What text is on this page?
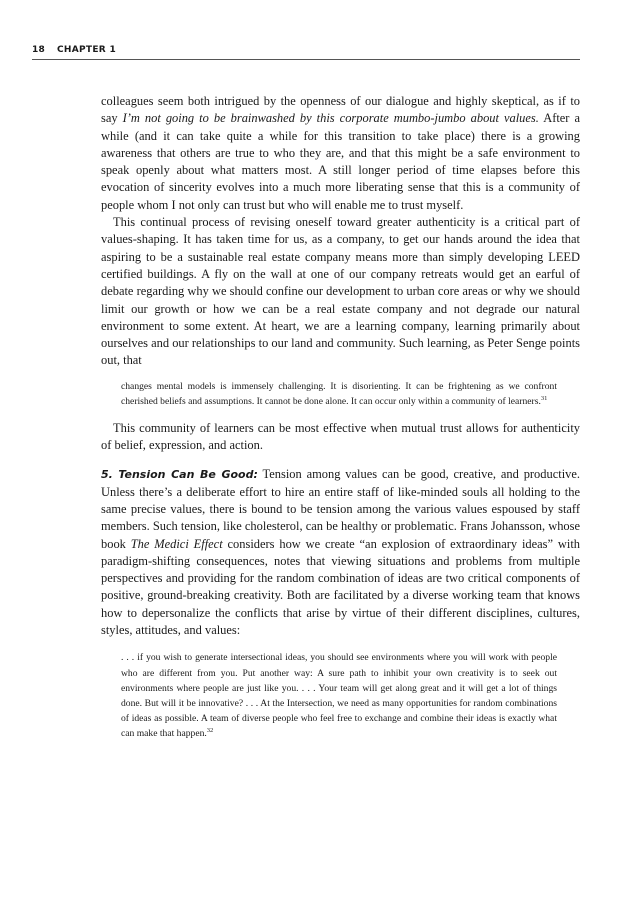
18 CHAPTER 1

colleagues seem both intrigued by the openness of our dialogue and highly skeptical, as if to say I’m not going to be brainwashed by this corporate mumbo-jumbo about values. After a while (and it can take quite a while for this transition to take place) there is a growing awareness that others are true to who they are, and that this might be a safe environment to speak openly about what matters most. A still longer period of time elapses before this evocation of sincerity evolves into a much more liberating sense that this is a community of people whom I not only can trust but who will enable me to trust myself.

This continual process of revising oneself toward greater authenticity is a critical part of values-shaping. It has taken time for us, as a company, to get our hands around the idea that aspiring to be a sustainable real estate company means more than simply developing LEED certified buildings. A fly on the wall at one of our company retreats would get an earful of debate regarding why we should confine our development to urban core areas or why we should limit our growth or how we can be a real estate company and not degrade our natural environment to some extent. At heart, we are a learning company, learning primarily about ourselves and our relationships to our land and community. Such learning, as Peter Senge points out, that

changes mental models is immensely challenging. It is disorienting. It can be frightening as we confront cherished beliefs and assumptions. It cannot be done alone. It can occur only within a community of learners.$^{31}$

This community of learners can be most effective when mutual trust allows for authenticity of belief, expression, and action.

5. Tension Can Be Good: Tension among values can be good, creative, and productive. Unless there’s a deliberate effort to hire an entire staff of like-minded souls all holding to the same precise values, there is bound to be tension among the various values espoused by staff members. Such tension, like cholesterol, can be healthy or problematic. Frans Johansson, whose book The Medici Effect considers how we create “an explosion of extraordinary ideas” with paradigm-shifting consequences, notes that viewing situations and problems from multiple perspectives and providing for the random combination of ideas are two critical components of positive, ground-breaking creativity. Both are facilitated by a diverse working team that knows how to depersonalize the conflicts that arise by virtue of their different disciplines, cultures, styles, attitudes, and values:

. . . if you wish to generate intersectional ideas, you should see environments where you will work with people who are different from you. Put another way: A sure path to inhibit your own creativity is to seek out environments where people are just like you. . . . Your team will get along great and it will get a lot of things done. But will it be innovative? . . . At the Intersection, we need as many opportunities for random combinations of ideas as possible. A team of diverse people who feel free to exchange and combine their ideas is exactly what can make that happen.$^{32}$
